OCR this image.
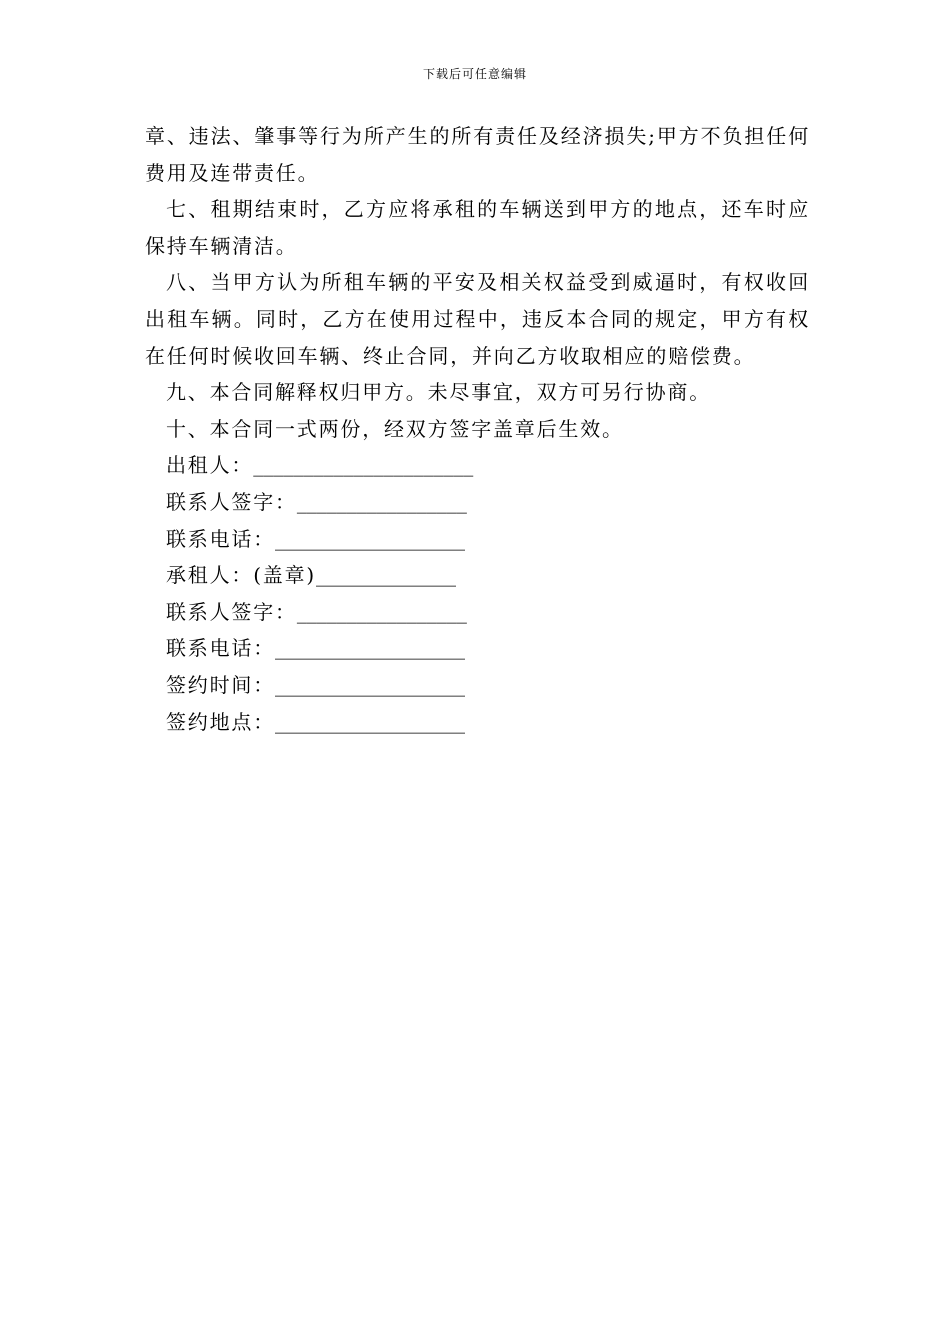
下载后可任意编辑

章、违法、肇事等行为所产生的所有责任及经济损失;甲方不负担任何费用及连带责任。

七、租期结束时，乙方应将承租的车辆送到甲方的地点，还车时应保持车辆清洁。

八、当甲方认为所租车辆的平安及相关权益受到威逼时，有权收回出租车辆。同时，乙方在使用过程中，违反本合同的规定，甲方有权在任何时候收回车辆、终止合同，并向乙方收取相应的赔偿费。

九、本合同解释权归甲方。未尽事宜，双方可另行协商。

十、本合同一式两份，经双方签字盖章后生效。

出租人：______________________
联系人签字：_________________
联系电话：___________________
承租人：(盖章)______________
联系人签字：_________________
联系电话：___________________
签约时间：___________________
签约地点：___________________
